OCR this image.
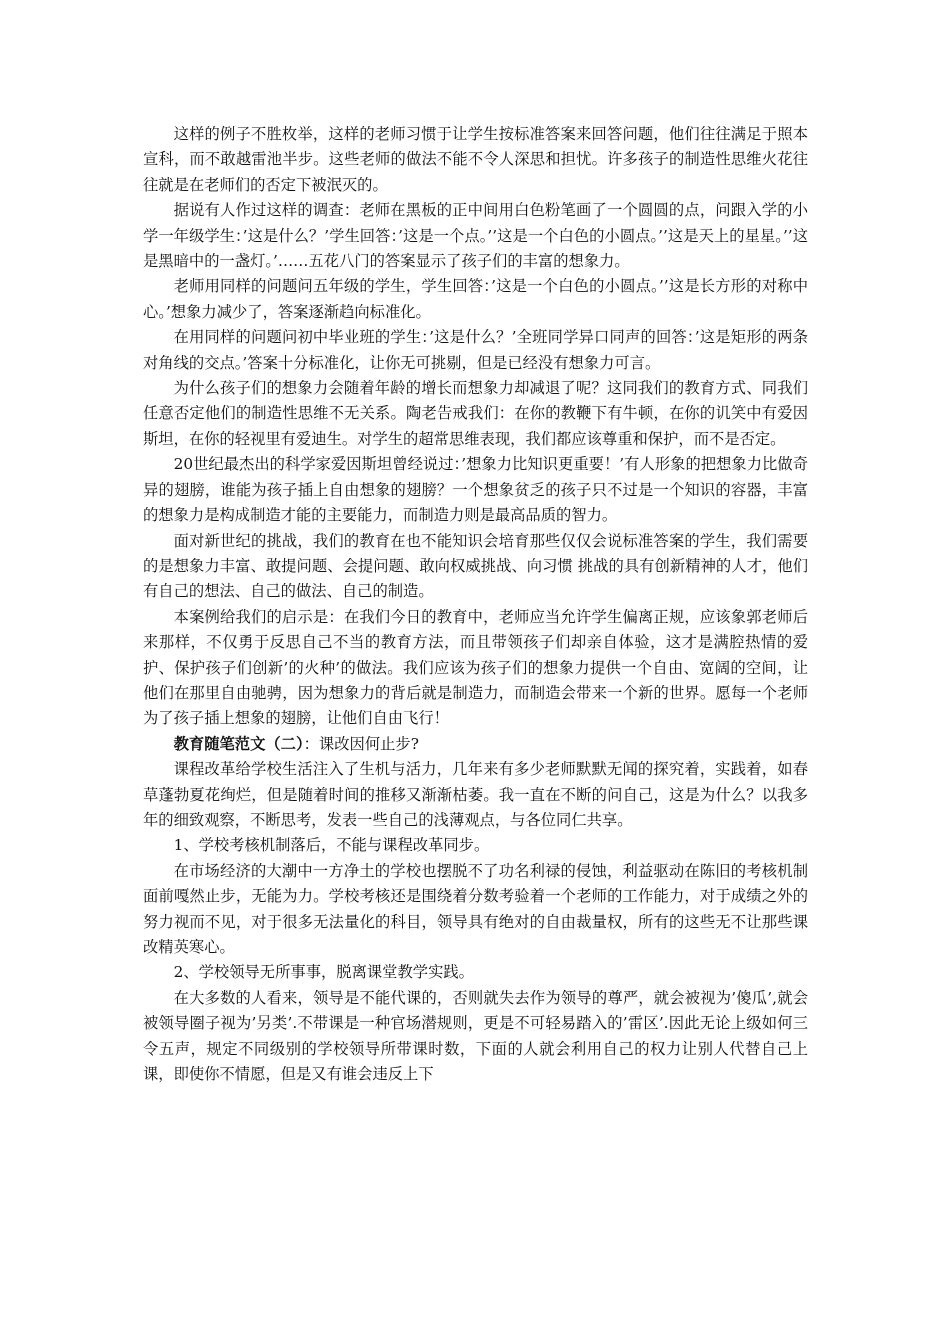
这样的例子不胜枚举，这样的老师习惯于让学生按标准答案来回答问题，他们往往满足于照本宣科，而不敢越雷池半步。这些老师的做法不能不令人深思和担忧。许多孩子的制造性思维火花往往就是在老师们的否定下被泯灭的。

据说有人作过这样的调查：老师在黑板的正中间用白色粉笔画了一个圆圆的点，问跟入学的小学一年级学生：’这是什么？’学生回答：’这是一个点。’’这是一个白色的小圆点。’’这是天上的星星。’’这是黑暗中的一盏灯。’……五花八门的答案显示了孩子们的丰富的想象力。

老师用同样的问题问五年级的学生，学生回答：’这是一个白色的小圆点。’’这是长方形的对称中心。’想象力减少了，答案逐渐趋向标准化。

在用同样的问题问初中毕业班的学生：’这是什么？’全班同学异口同声的回答：’这是矩形的两条对角线的交点。’答案十分标准化，让你无可挑剔，但是已经没有想象力可言。

为什么孩子们的想象力会随着年龄的增长而想象力却减退了呢？这同我们的教育方式、同我们任意否定他们的制造性思维不无关系。陶老告戒我们：在你的教鞭下有牛顿，在你的讥笑中有爱因斯坦，在你的轻视里有爱迪生。对学生的超常思维表现，我们都应该尊重和保护，而不是否定。

20世纪最杰出的科学家爱因斯坦曾经说过：’想象力比知识更重要！’有人形象的把想象力比做奇异的翅膀，谁能为孩子插上自由想象的翅膀？一个想象贫乏的孩子只不过是一个知识的容器，丰富的想象力是构成制造才能的主要能力，而制造力则是最高品质的智力。

面对新世纪的挑战，我们的教育在也不能知识会培育那些仅仅会说标准答案的学生，我们需要的是想象力丰富、敢提问题、会提问题、敢向权威挑战、向习惯 挑战的具有创新精神的人才，他们有自己的想法、自己的做法、自己的制造。

本案例给我们的启示是：在我们今日的教育中，老师应当允许学生偏离正规，应该象郭老师后来那样，不仅勇于反思自己不当的教育方法，而且带领孩子们却亲自体验，这才是满腔热情的爱护、保护孩子们创新’的火种’的做法。我们应该为孩子们的想象力提供一个自由、宽阔的空间，让他们在那里自由驰骋，因为想象力的背后就是制造力，而制造会带来一个新的世界。愿每一个老师为了孩子插上想象的翅膀，让他们自由飞行！

教育随笔范文（二）：课改因何止步?

课程改革给学校生活注入了生机与活力，几年来有多少老师默默无闻的探究着，实践着，如春草蓬勃夏花绚烂，但是随着时间的推移又渐渐枯萎。我一直在不断的问自己，这是为什么？以我多年的细致观察，不断思考，发表一些自己的浅薄观点，与各位同仁共享。

1、学校考核机制落后，不能与课程改革同步。

在市场经济的大潮中一方净土的学校也摆脱不了功名利禄的侵蚀，利益驱动在陈旧的考核机制面前嘎然止步，无能为力。学校考核还是围绕着分数考验着一个老师的工作能力，对于成绩之外的努力视而不见，对于很多无法量化的科目，领导具有绝对的自由裁量权，所有的这些无不让那些课改精英寒心。

2、学校领导无所事事，脱离课堂教学实践。

在大多数的人看来，领导是不能代课的，否则就失去作为领导的尊严，就会被视为’傻瓜’,就会被领导圈子视为’另类’.不带课是一种官场潜规则，更是不可轻易踏入的’雷区’.因此无论上级如何三令五声，规定不同级别的学校领导所带课时数，下面的人就会利用自己的权力让别人代替自己上课，即使你不情愿，但是又有谁会违反上下
